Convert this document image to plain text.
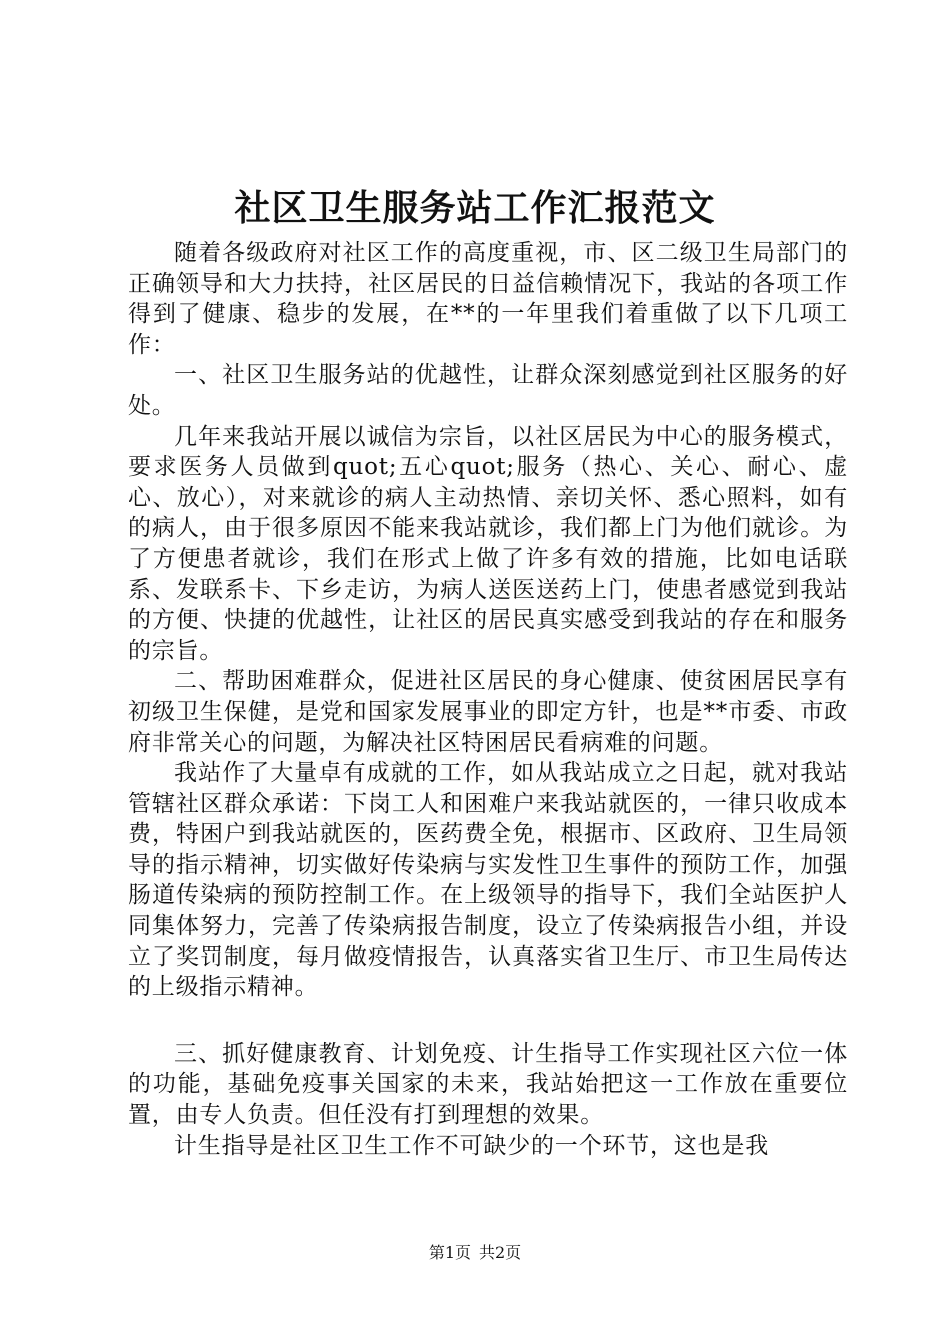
社区卫生服务站工作汇报范文

随着各级政府对社区工作的高度重视，市、区二级卫生局部门的正确领导和大力扶持，社区居民的日益信赖情况下，我站的各项工作得到了健康、稳步的发展，在**的一年里我们着重做了以下几项工作：

一、社区卫生服务站的优越性，让群众深刻感觉到社区服务的好处。

几年来我站开展以诚信为宗旨，以社区居民为中心的服务模式，要求医务人员做到quot;五心quot;服务（热心、关心、耐心、虚心、放心），对来就诊的病人主动热情、亲切关怀、悉心照料，如有的病人，由于很多原因不能来我站就诊，我们都上门为他们就诊。为了方便患者就诊，我们在形式上做了许多有效的措施，比如电话联系、发联系卡、下乡走访，为病人送医送药上门，使患者感觉到我站的方便、快捷的优越性，让社区的居民真实感受到我站的存在和服务的宗旨。

二、帮助困难群众，促进社区居民的身心健康、使贫困居民享有初级卫生保健，是党和国家发展事业的即定方针，也是**市委、市政府非常关心的问题，为解决社区特困居民看病难的问题。

我站作了大量卓有成就的工作，如从我站成立之日起，就对我站管辖社区群众承诺：下岗工人和困难户来我站就医的，一律只收成本费，特困户到我站就医的，医药费全免，根据市、区政府、卫生局领导的指示精神，切实做好传染病与实发性卫生事件的预防工作，加强肠道传染病的预防控制工作。在上级领导的指导下，我们全站医护人同集体努力，完善了传染病报告制度，设立了传染病报告小组，并设立了奖罚制度，每月做疫情报告，认真落实省卫生厅、市卫生局传达的上级指示精神。

三、抓好健康教育、计划免疫、计生指导工作实现社区六位一体的功能，基础免疫事关国家的未来，我站始把这一工作放在重要位置，由专人负责。但任没有打到理想的效果。

计生指导是社区卫生工作不可缺少的一个环节，这也是我

第1页 共2页
